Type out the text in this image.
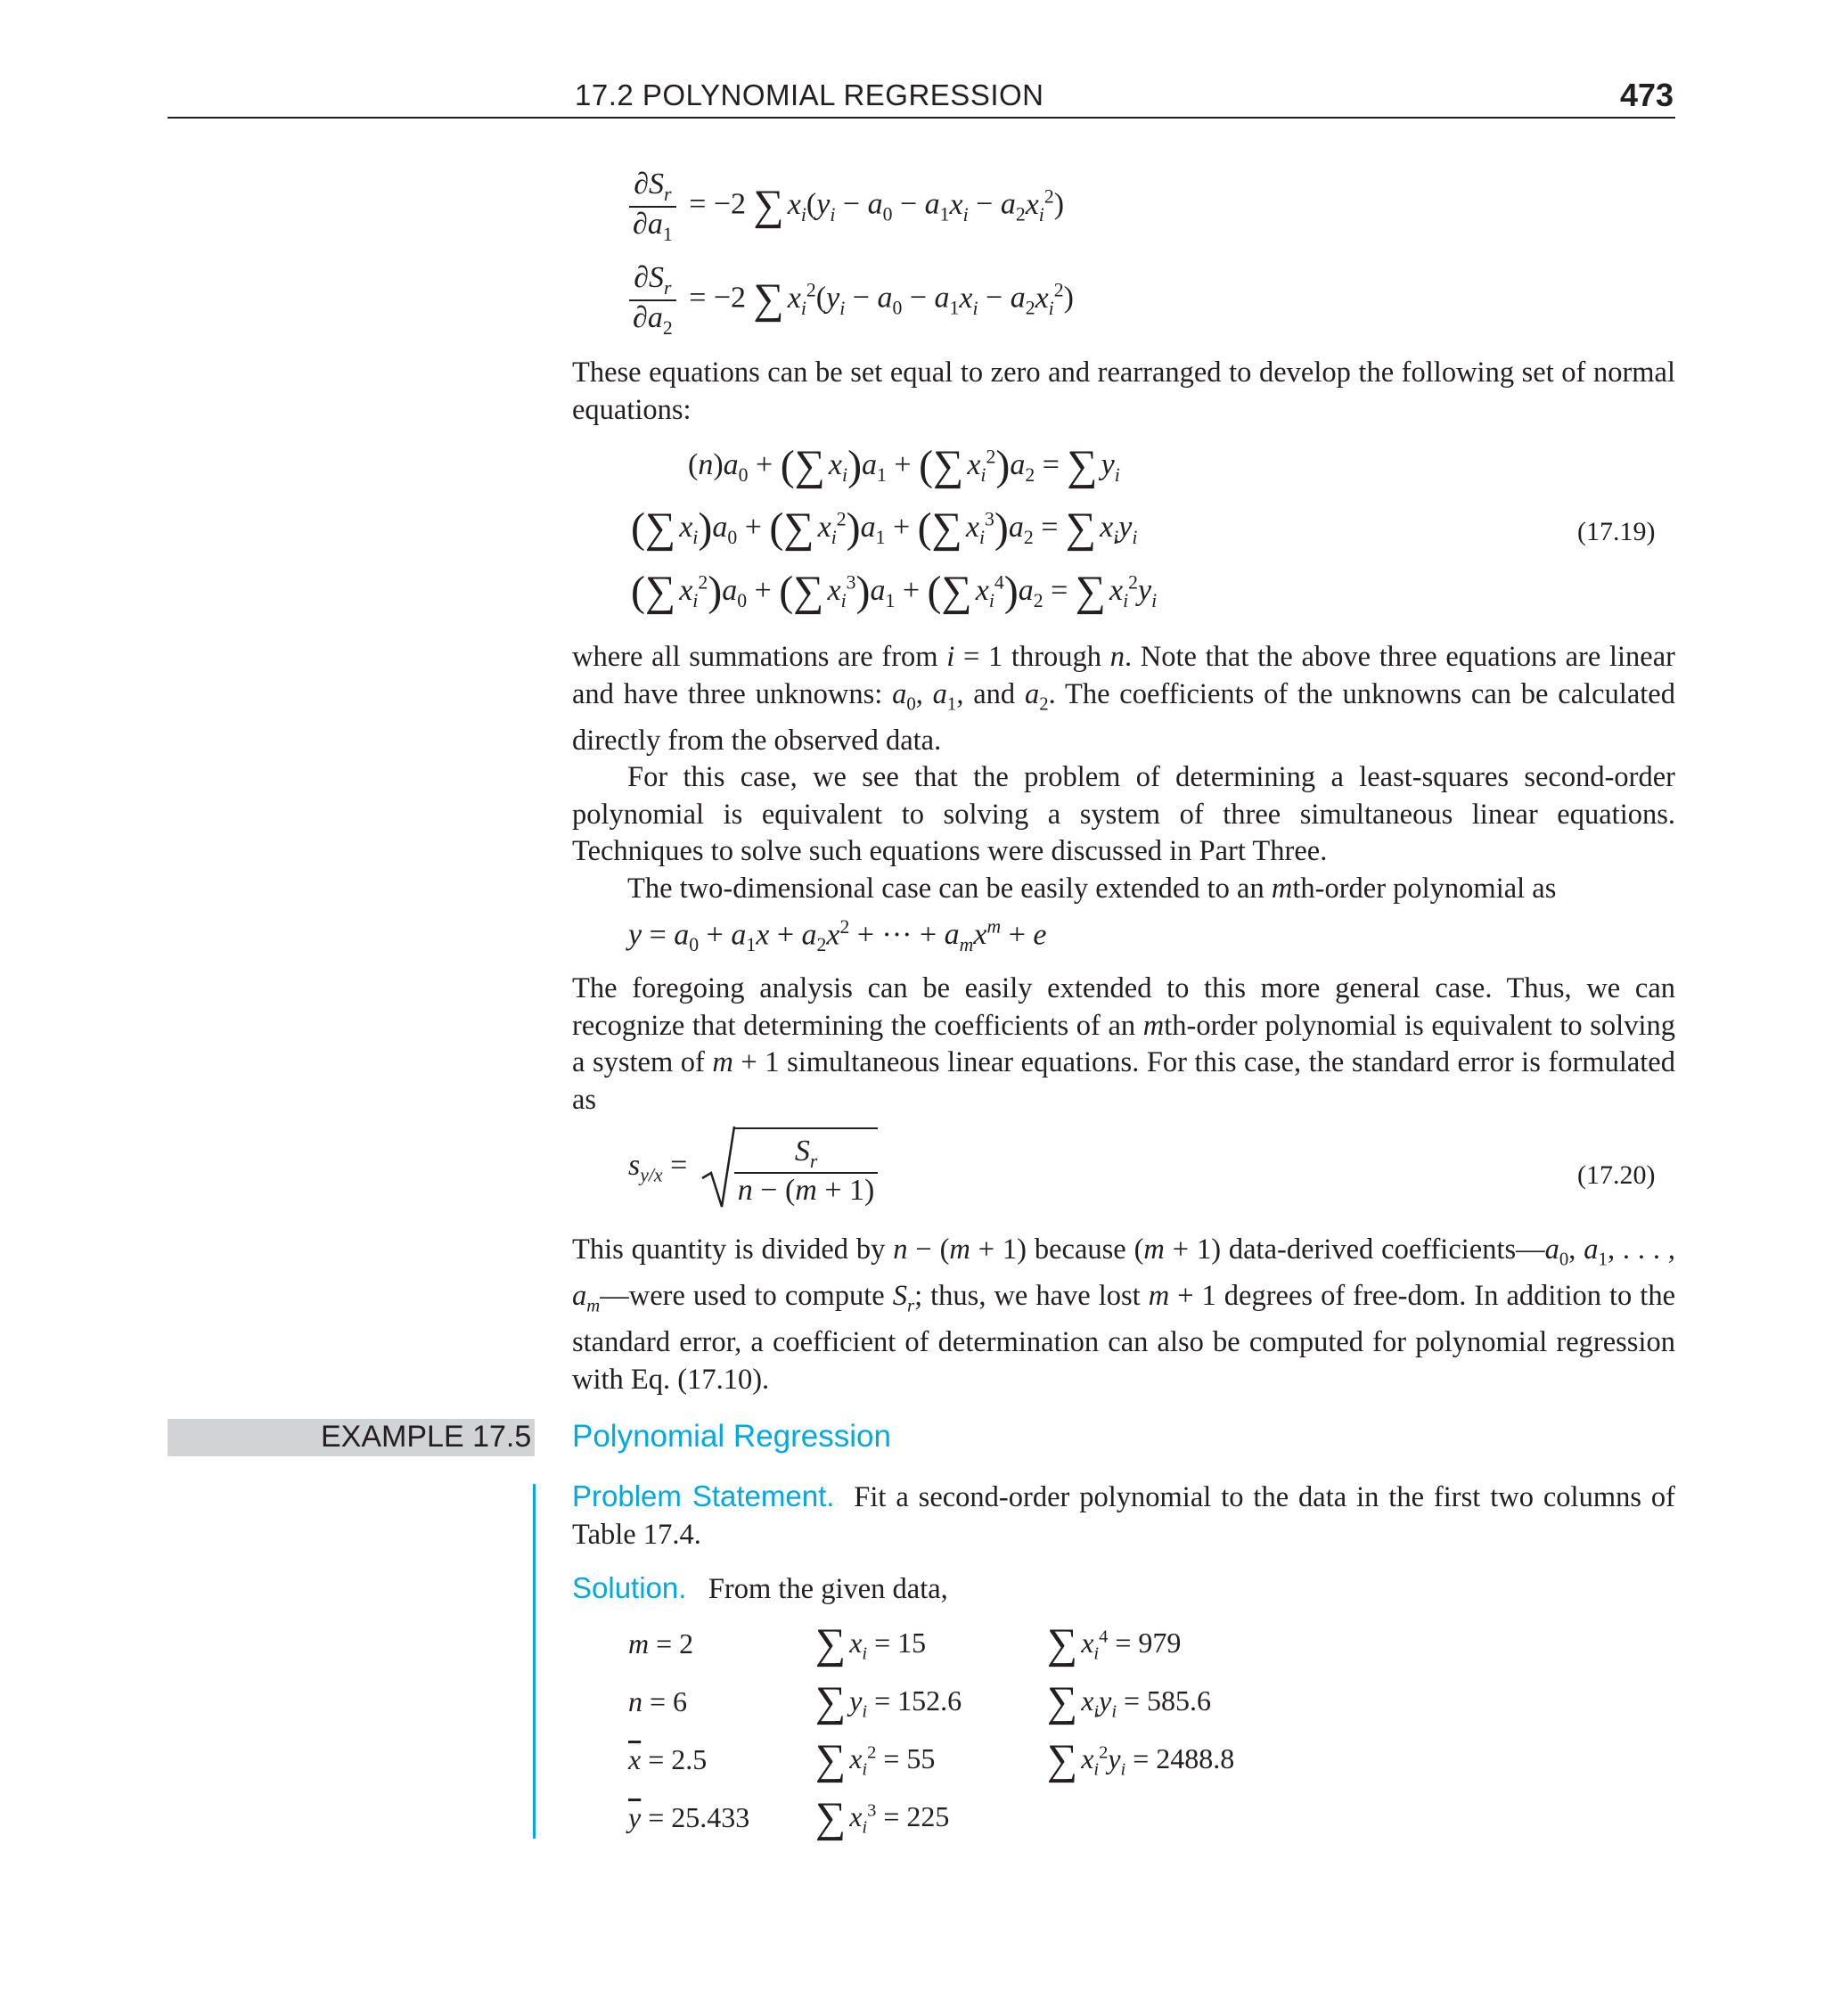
17.2 POLYNOMIAL REGRESSION	473
$\frac{\partial S_r}{\partial a_1} = -2$ ∑ $x_i(y_i - a_0 - a_1x_i - a_2x_i^2)$
$\frac{\partial S_r}{\partial a_2} = -2$ ∑ $x_i^2(y_i - a_0 - a_1x_i - a_2x_i^2)$

These equations can be set equal to zero and rearranged to develop the following set of normal equations:

$(n)a_0$ + (∑ $x_i)a_1$ + (∑ $x_i^2)a_2$ = ∑ $y_i$
(∑ $x_i)a_0$ + (∑ $x_i^2)a_1$ + (∑ $x_i^3)a_2$ = ∑ $x_iy_i$	(17.19)
(∑ $x_i^2)a_0$ + (∑ $x_i^3)a_1$ + (∑ $x_i^4)a_2$ = ∑ $x_i^2y_i$

where all summations are from i = 1 through n. Note that the above three equations are linear and have three unknowns: $a_0$, $a_1$, and $a_2$. The coefficients of the unknowns can be calculated directly from the observed data.

For this case, we see that the problem of determining a least-squares second-order polynomial is equivalent to solving a system of three simultaneous linear equations. Techniques to solve such equations were discussed in Part Three.

The two-dimensional case can be easily extended to an mth-order polynomial as

$y = a_0 + a_1x + a_2x^2$ + ··· + $a_mx^m + e$

The foregoing analysis can be easily extended to this more general case. Thus, we can recognize that determining the coefficients of an mth-order polynomial is equivalent to solving a system of m + 1 simultaneous linear equations. For this case, the standard error is formulated as

$s_{y/x} = \frac{S_r}{n - (m + 1)}$	(17.20)

This quantity is divided by n − (m + 1) because (m + 1) data-derived $coefficients—a_0$, $a_1$, . . . , $a_m—were$ used to compute $S_r$; thus, we have lost m + 1 degrees of free-dom. In addition to the standard error, a coefficient of determination can also be computed for polynomial regression with Eq. (17.10).

EXAMPLE 17.5 Polynomial Regression

Problem Statement. Fit a second-order polynomial to the data in the first two columns of Table 17.4.

Solution. From the given data,

m = 2	∑ $x_i = 15$	∑ $x_i^4 = 979$
n = 6	∑ $y_i = 152.6$	∑ $x_iy_i = 585.6$
$\overline{x} = 2.5$	∑ $x_i^2 = 55$	∑ $x_i^2y_i = 2488.8$
$\overline{y} = 25.433$	∑ $x_i^3 = 225$	
